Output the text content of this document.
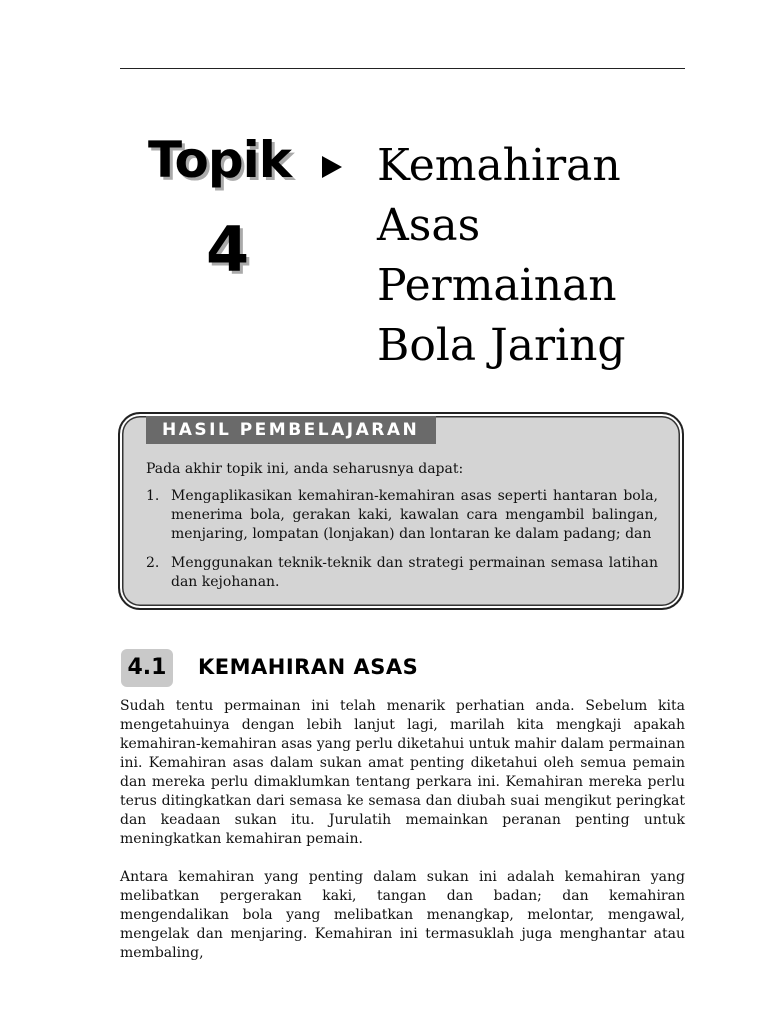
Topik
4
Kemahiran
Asas
Permainan
Bola Jaring
HASIL PEMBELAJARAN
Pada akhir topik ini, anda seharusnya dapat:
1. Mengaplikasikan kemahiran-kemahiran asas seperti hantaran bola, menerima bola, gerakan kaki, kawalan cara mengambil balingan, menjaring, lompatan (lonjakan) dan lontaran ke dalam padang; dan
2. Menggunakan teknik-teknik dan strategi permainan semasa latihan dan kejohanan.
4.1	KEMAHIRAN ASAS

Sudah tentu permainan ini telah menarik perhatian anda. Sebelum kita mengetahuinya dengan lebih lanjut lagi, marilah kita mengkaji apakah kemahiran-kemahiran asas yang perlu diketahui untuk mahir dalam permainan ini. Kemahiran asas dalam sukan amat penting diketahui oleh semua pemain dan mereka perlu dimaklumkan tentang perkara ini. Kemahiran mereka perlu terus ditingkatkan dari semasa ke semasa dan diubah suai mengikut peringkat dan keadaan sukan itu. Jurulatih memainkan peranan penting untuk meningkatkan kemahiran pemain.

Antara kemahiran yang penting dalam sukan ini adalah kemahiran yang melibatkan pergerakan kaki, tangan dan badan; dan kemahiran mengendalikan bola yang melibatkan menangkap, melontar, mengawal, mengelak dan menjaring. Kemahiran ini termasuklah juga menghantar atau membaling,
